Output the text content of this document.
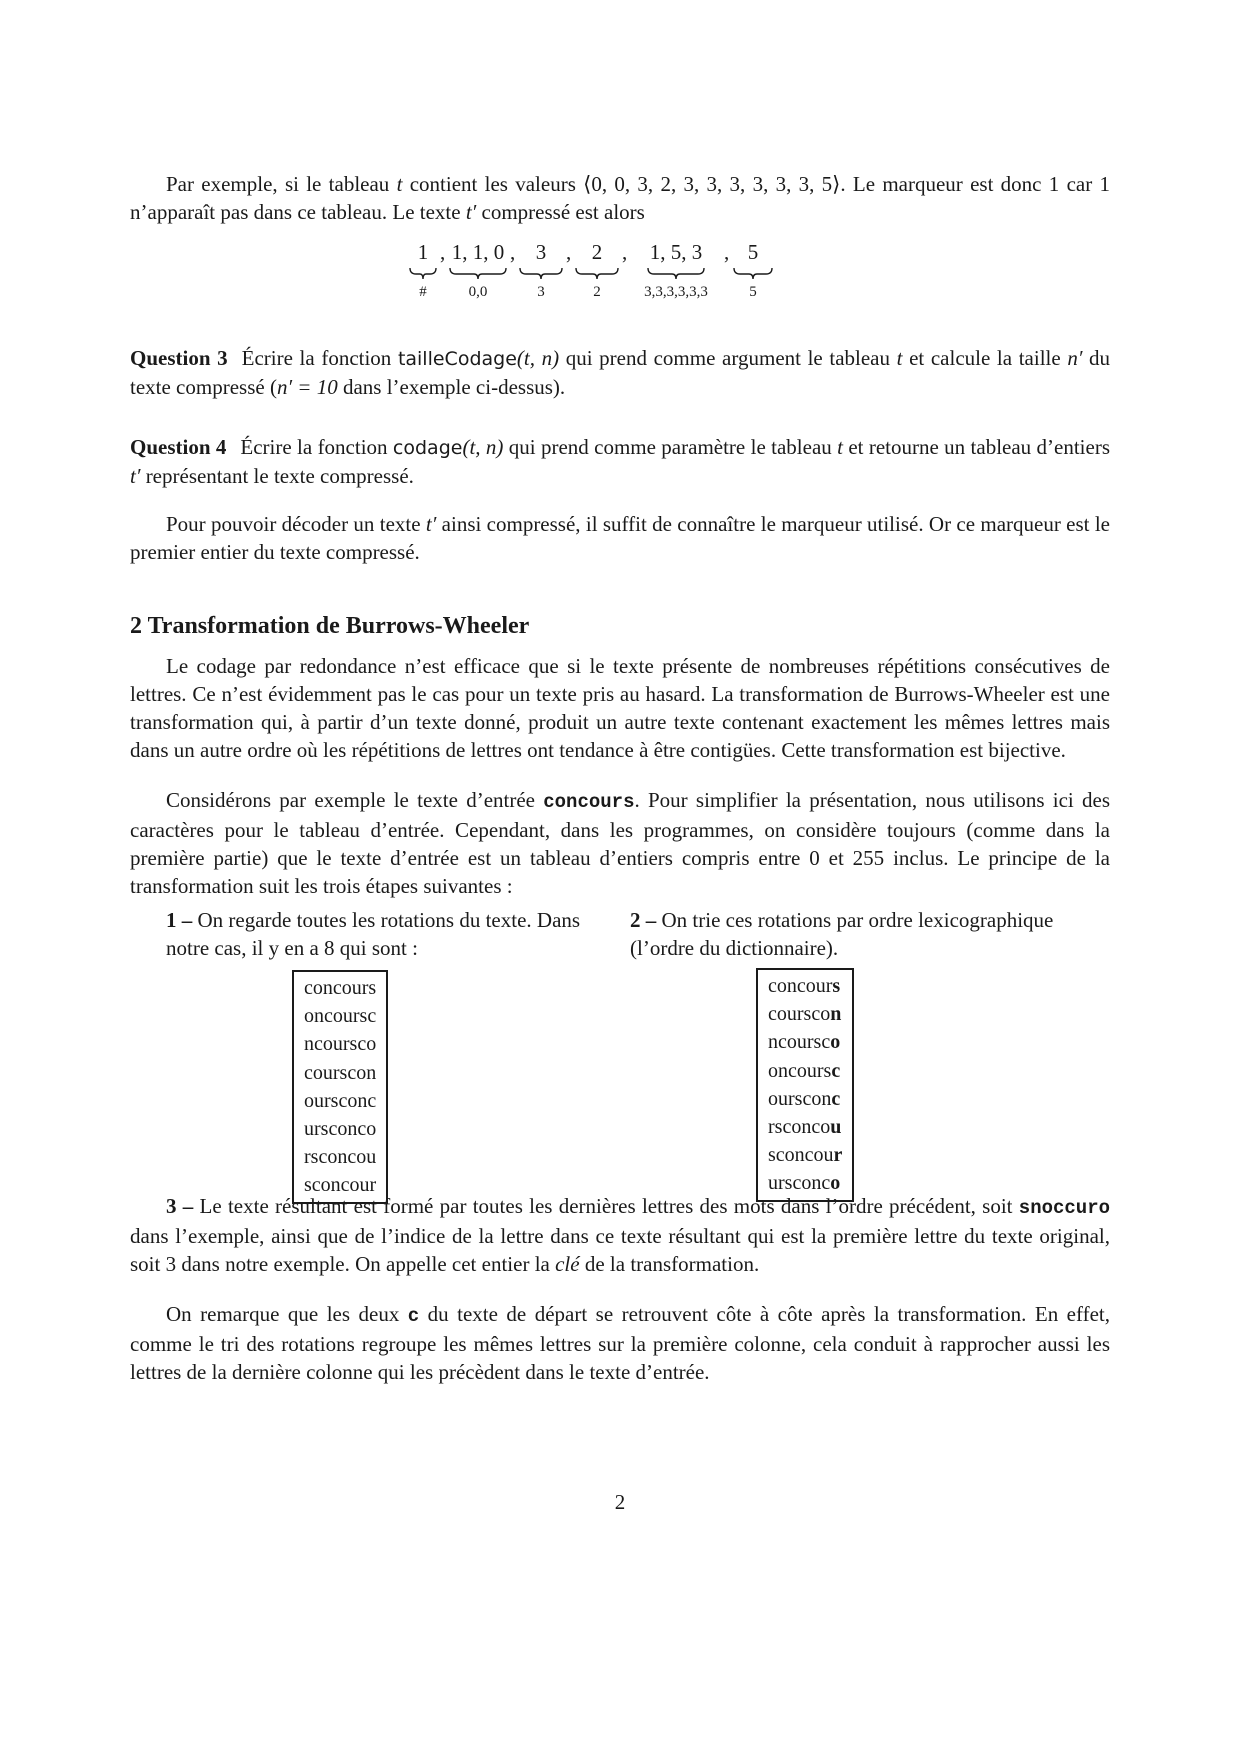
Par exemple, si le tableau t contient les valeurs ⟨0, 0, 3, 2, 3, 3, 3, 3, 3, 3, 5⟩. Le marqueur est donc 1 car 1 n’apparaît pas dans ce tableau. Le texte t′ compressé est alors

1
#
, 1, 1, 0
0,0
, 3
3
, 2
2
,	1, 5, 3
3,3,3,3,3,3
, 5
5

Question 3 Écrire la fonction tailleCodage(t, n) qui prend comme argument le tableau t et calcule la taille n′ du texte compressé (n′ = 10 dans l’exemple ci-dessus).

Question 4 Écrire la fonction codage(t, n) qui prend comme paramètre le tableau t et retourne un tableau d’entiers t′ représentant le texte compressé.

Pour pouvoir décoder un texte t′ ainsi compressé, il suffit de connaître le marqueur utilisé. Or ce marqueur est le premier entier du texte compressé.

2 Transformation de Burrows-Wheeler

Le codage par redondance n’est efficace que si le texte présente de nombreuses répétitions consécutives de lettres. Ce n’est évidemment pas le cas pour un texte pris au hasard. La transformation de Burrows-Wheeler est une transformation qui, à partir d’un texte donné, produit un autre texte contenant exactement les mêmes lettres mais dans un autre ordre où les répétitions de lettres ont tendance à être contigües. Cette transformation est bijective.

Considérons par exemple le texte d’entrée concours. Pour simplifier la présentation, nous utilisons ici des caractères pour le tableau d’entrée. Cependant, dans les programmes, on considère toujours (comme dans la première partie) que le texte d’entrée est un tableau d’entiers compris entre 0 et 255 inclus. Le principe de la transformation suit les trois étapes suivantes :

1 – On regarde toutes les rotations du texte. Dans notre cas, il y en a 8 qui sont :

concours
oncoursc
ncoursco
courscon
oursconc
ursconco
rsconcou
sconcour

2 – On trie ces rotations par ordre lexicographique (l’ordre du dictionnaire).

concours
courscon
ncoursco
oncoursc
oursconc
rsconcou
sconcour
ursconco

3 – Le texte résultant est formé par toutes les dernières lettres des mots dans l’ordre précédent, soit snoccuro dans l’exemple, ainsi que de l’indice de la lettre dans ce texte résultant qui est la première lettre du texte original, soit 3 dans notre exemple. On appelle cet entier la clé de la transformation.

On remarque que les deux c du texte de départ se retrouvent côte à côte après la transformation. En effet, comme le tri des rotations regroupe les mêmes lettres sur la première colonne, cela conduit à rapprocher aussi les lettres de la dernière colonne qui les précèdent dans le texte d’entrée.

2
